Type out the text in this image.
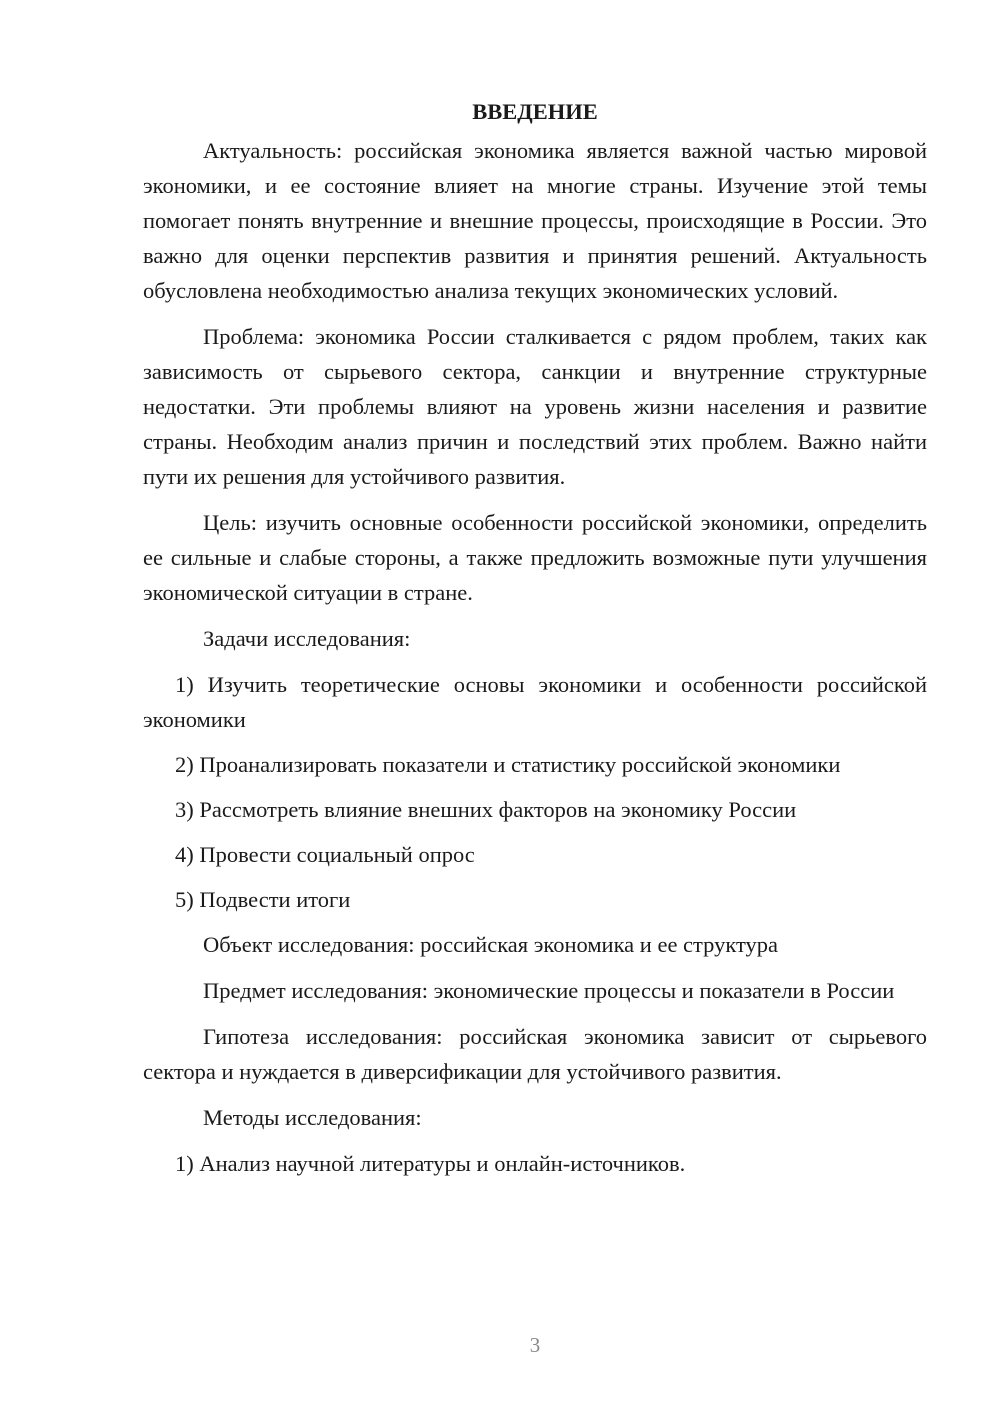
ВВЕДЕНИЕ

Актуальность: российская экономика является важной частью мировой экономики, и ее состояние влияет на многие страны. Изучение этой темы помогает понять внутренние и внешние процессы, происходящие в России. Это важно для оценки перспектив развития и принятия решений. Актуальность обусловлена необходимостью анализа текущих экономических условий.

Проблема: экономика России сталкивается с рядом проблем, таких как зависимость от сырьевого сектора, санкции и внутренние структурные недостатки. Эти проблемы влияют на уровень жизни населения и развитие страны. Необходим анализ причин и последствий этих проблем. Важно найти пути их решения для устойчивого развития.

Цель: изучить основные особенности российской экономики, определить ее сильные и слабые стороны, а также предложить возможные пути улучшения экономической ситуации в стране.

Задачи исследования:

1) Изучить теоретические основы экономики и особенности российской экономики

2) Проанализировать показатели и статистику российской экономики

3) Рассмотреть влияние внешних факторов на экономику России

4) Провести социальный опрос

5) Подвести итоги

Объект исследования: российская экономика и ее структура

Предмет исследования: экономические процессы и показатели в России

Гипотеза исследования: российская экономика зависит от сырьевого сектора и нуждается в диверсификации для устойчивого развития.

Методы исследования:

1) Анализ научной литературы и онлайн-источников.

3
